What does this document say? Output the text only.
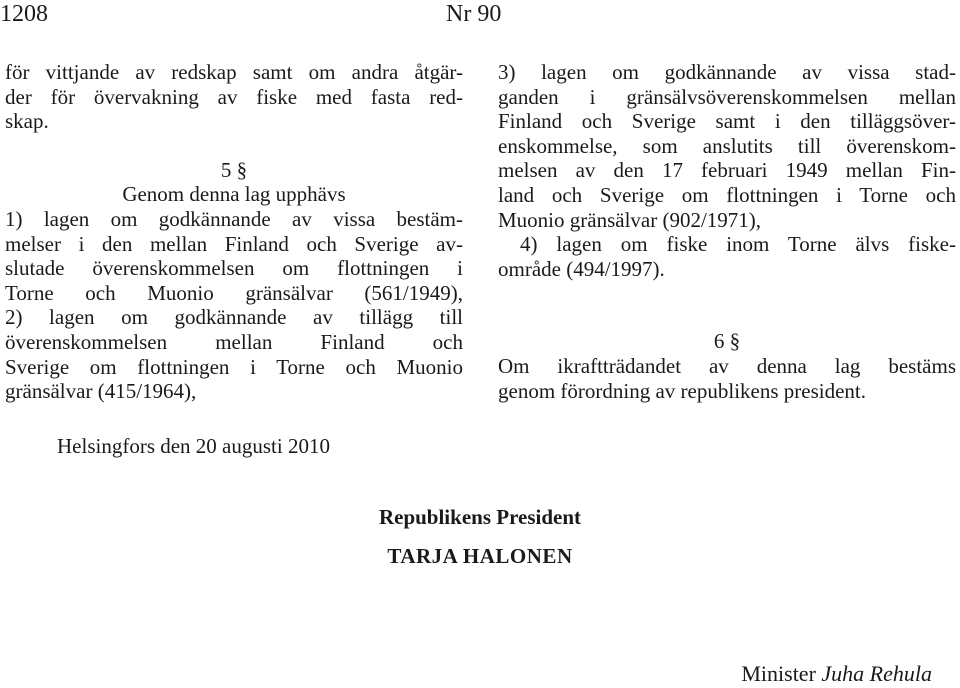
1208	Nr 90

för vittjande av redskap samt om andra åtgär-

der för övervakning av fiske med fasta red-

skap.

5 §

Genom denna lag upphävs

1) lagen om godkännande av vissa bestäm-

melser i den mellan Finland och Sverige av-

slutade överenskommelsen om flottningen i

Torne och Muonio gränsälvar (561/1949),

2) lagen om godkännande av tillägg till

överenskommelsen mellan Finland och

Sverige om flottningen i Torne och Muonio

gränsälvar (415/1964),

3) lagen om godkännande av vissa stad-

ganden i gränsälvsöverenskommelsen mellan

Finland och Sverige samt i den tilläggsöver-

enskommelse, som anslutits till överenskom-

melsen av den 17 februari 1949 mellan Fin-

land och Sverige om flottningen i Torne och

Muonio gränsälvar (902/1971),

4) lagen om fiske inom Torne älvs fiske-

område (494/1997).

6 §

Om ikraftträdandet av denna lag bestäms

genom förordning av republikens president.

Helsingfors den 20 augusti 2010
Republikens President
TARJA HALONEN
Minister Juha Rehula
